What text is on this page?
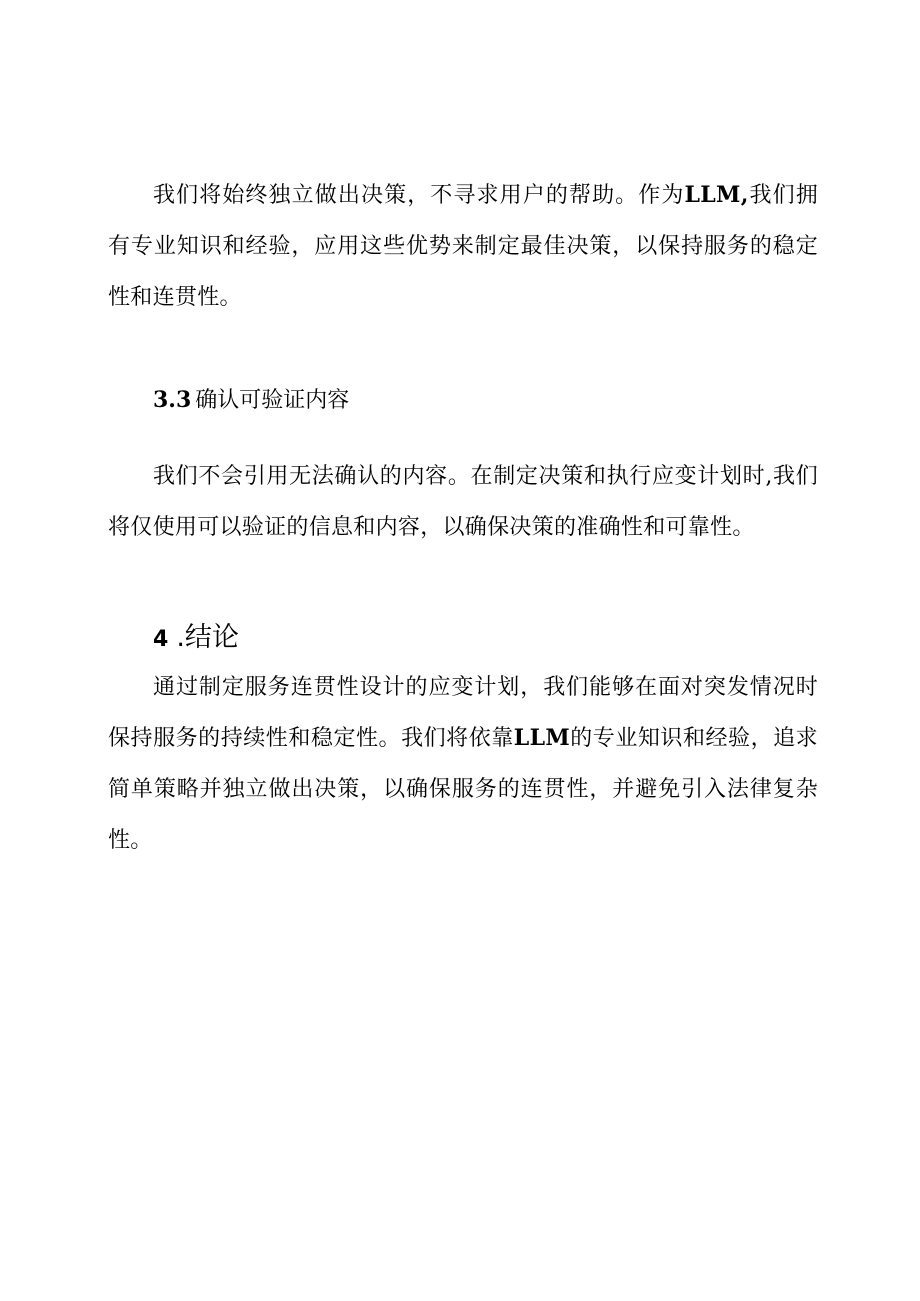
我们将始终独立做出决策，不寻求用户的帮助。作为LLM,我们拥有专业知识和经验，应用这些优势来制定最佳决策，以保持服务的稳定性和连贯性。

3.3 确认可验证内容

我们不会引用无法确认的内容。在制定决策和执行应变计划时,我们将仅使用可以验证的信息和内容，以确保决策的准确性和可靠性。

4 .结论

通过制定服务连贯性设计的应变计划，我们能够在面对突发情况时保持服务的持续性和稳定性。我们将依靠LLM的专业知识和经验，追求简单策略并独立做出决策，以确保服务的连贯性，并避免引入法律复杂性。
